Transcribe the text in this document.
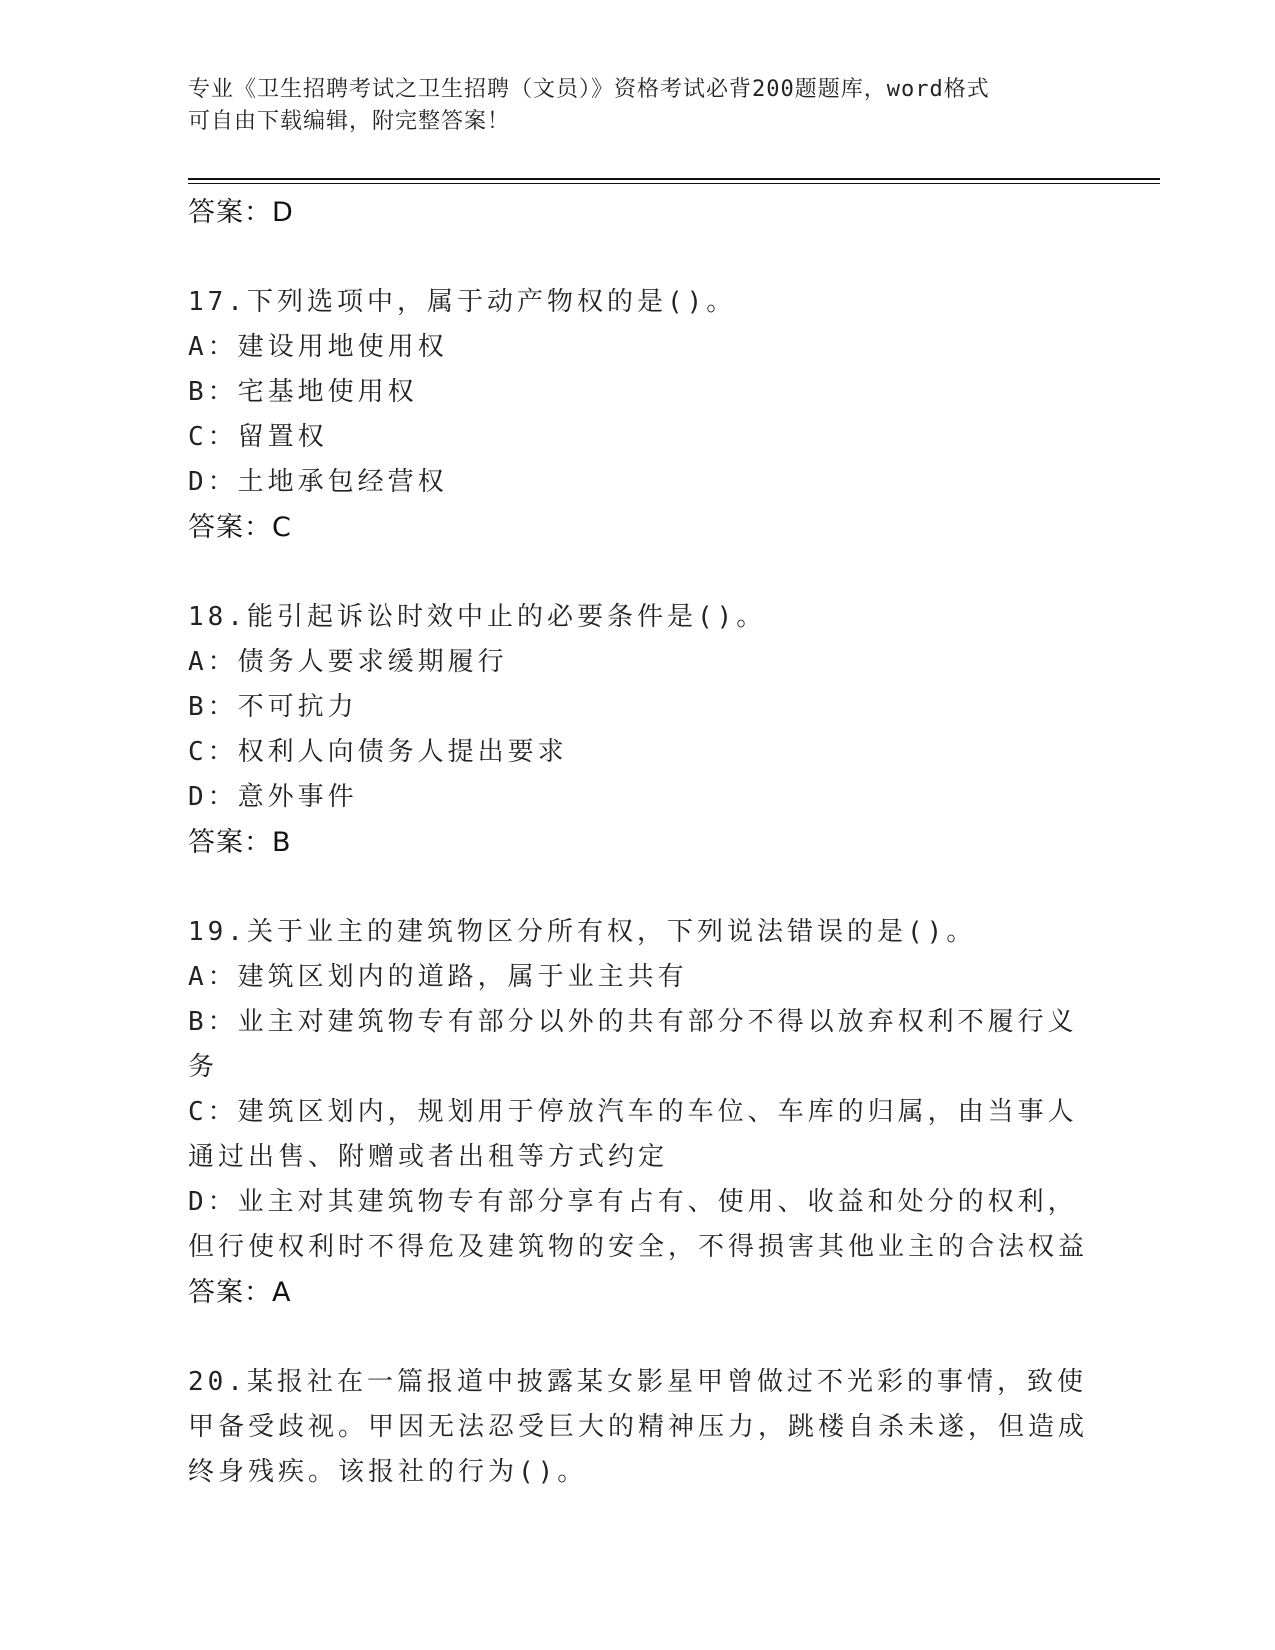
专业《卫生招聘考试之卫生招聘（文员）》资格考试必背200题题库，word格式
可自由下载编辑，附完整答案！
答案：D
17.下列选项中，属于动产物权的是()。
A：建设用地使用权
B：宅基地使用权
C：留置权
D：土地承包经营权
答案：C
18.能引起诉讼时效中止的必要条件是()。
A：债务人要求缓期履行
B：不可抗力
C：权利人向债务人提出要求
D：意外事件
答案：B
19.关于业主的建筑物区分所有权，下列说法错误的是()。
A：建筑区划内的道路，属于业主共有
B：业主对建筑物专有部分以外的共有部分不得以放弃权利不履行义务
C：建筑区划内，规划用于停放汽车的车位、车库的归属，由当事人通过出售、附赠或者出租等方式约定
D：业主对其建筑物专有部分享有占有、使用、收益和处分的权利，但行使权利时不得危及建筑物的安全，不得损害其他业主的合法权益
答案：A
20.某报社在一篇报道中披露某女影星甲曾做过不光彩的事情，致使甲备受歧视。甲因无法忍受巨大的精神压力，跳楼自杀未遂，但造成终身残疾。该报社的行为()。
